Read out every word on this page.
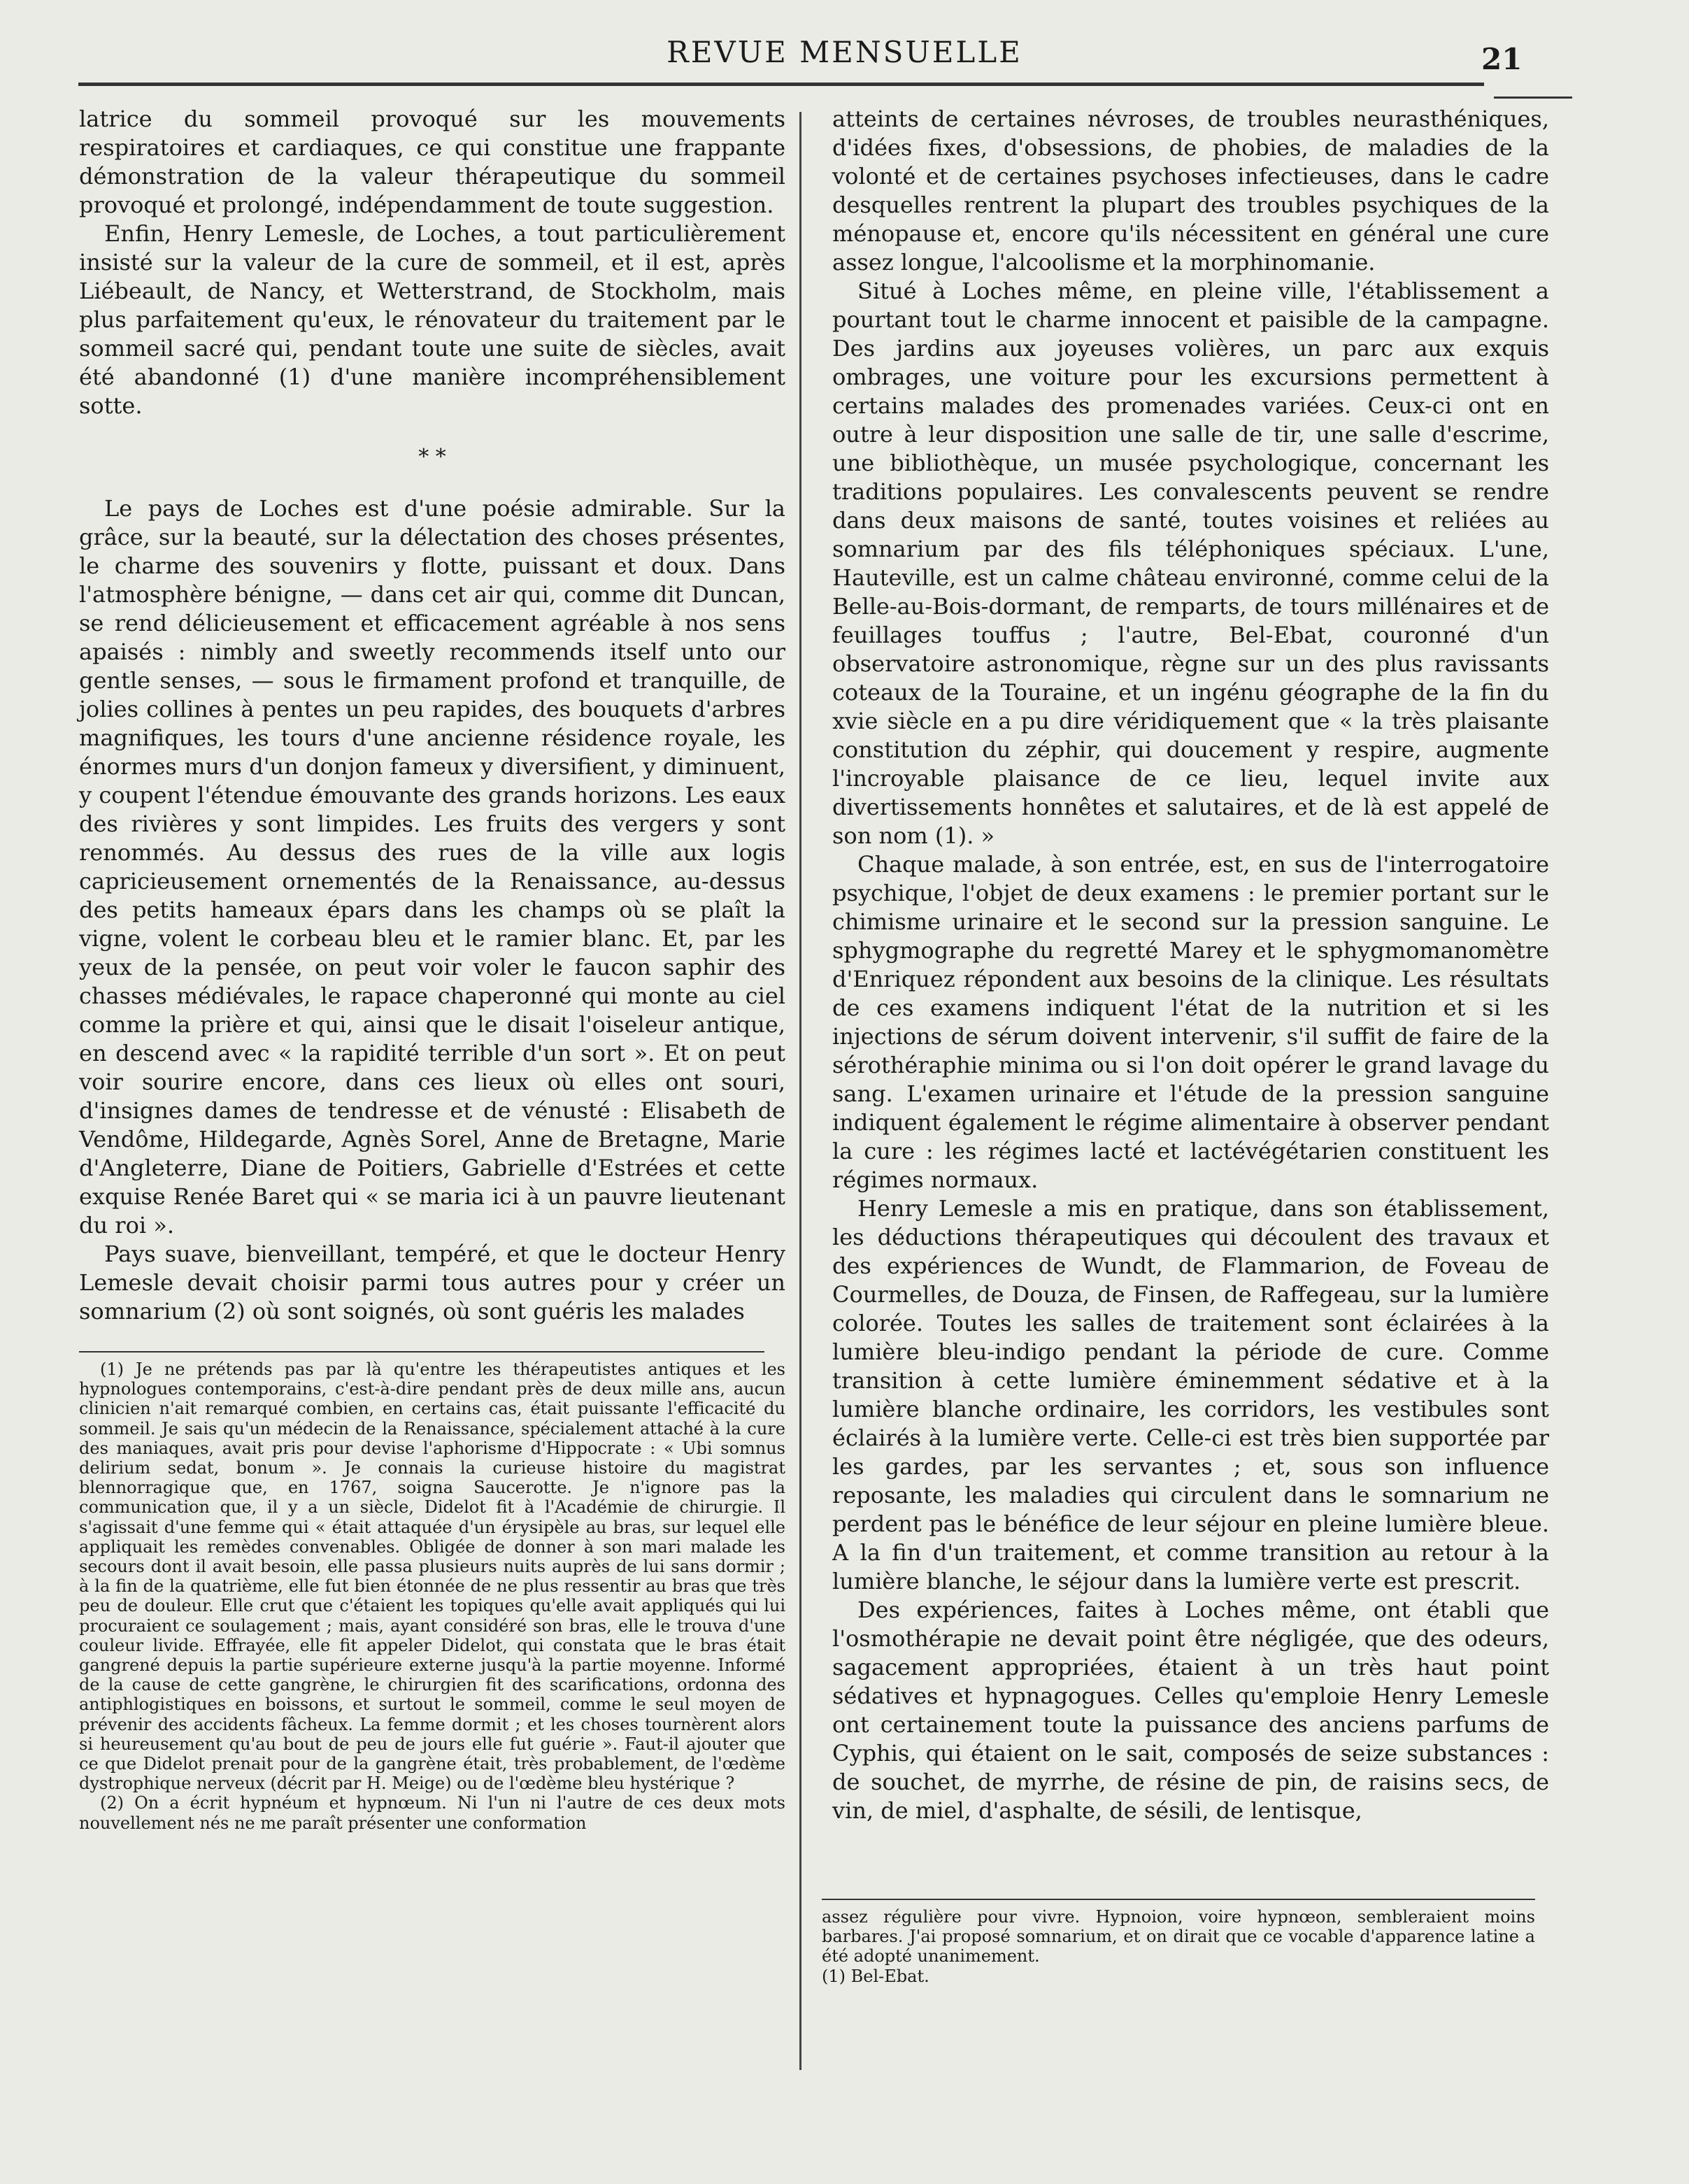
REVUE MENSUELLE	21

latrice du sommeil provoqué sur les mouvements respiratoires et cardiaques, ce qui constitue une frappante démonstration de la valeur thérapeutique du sommeil provoqué et prolongé, indépendamment de toute suggestion.

Enfin, Henry Lemesle, de Loches, a tout particulièrement insisté sur la valeur de la cure de sommeil, et il est, après Liébeault, de Nancy, et Wetterstrand, de Stockholm, mais plus parfaitement qu'eux, le rénovateur du traitement par le sommeil sacré qui, pendant toute une suite de siècles, avait été abandonné (1) d'une manière incompréhensiblement sotte.

* *

Le pays de Loches est d'une poésie admirable. Sur la grâce, sur la beauté, sur la délectation des choses présentes, le charme des souvenirs y flotte, puissant et doux. Dans l'atmosphère bénigne, — dans cet air qui, comme dit Duncan, se rend délicieusement et efficacement agréable à nos sens apaisés : nimbly and sweetly recommends itself unto our gentle senses, — sous le firmament profond et tranquille, de jolies collines à pentes un peu rapides, des bouquets d'arbres magnifiques, les tours d'une ancienne résidence royale, les énormes murs d'un donjon fameux y diversifient, y diminuent, y coupent l'étendue émouvante des grands horizons. Les eaux des rivières y sont limpides. Les fruits des vergers y sont renommés. Au dessus des rues de la ville aux logis capricieusement ornementés de la Renaissance, au-dessus des petits hameaux épars dans les champs où se plaît la vigne, volent le corbeau bleu et le ramier blanc. Et, par les yeux de la pensée, on peut voir voler le faucon saphir des chasses médiévales, le rapace chaperonné qui monte au ciel comme la prière et qui, ainsi que le disait l'oiseleur antique, en descend avec « la rapidité terrible d'un sort ». Et on peut voir sourire encore, dans ces lieux où elles ont souri, d'insignes dames de tendresse et de vénusté : Elisabeth de Vendôme, Hildegarde, Agnès Sorel, Anne de Bretagne, Marie d'Angleterre, Diane de Poitiers, Gabrielle d'Estrées et cette exquise Renée Baret qui « se maria ici à un pauvre lieutenant du roi ».

Pays suave, bienveillant, tempéré, et que le docteur Henry Lemesle devait choisir parmi tous autres pour y créer un somnarium (2) où sont soignés, où sont guéris les malades

(1) Je ne prétends pas par là qu'entre les thérapeutistes antiques et les hypnologues contemporains, c'est-à-dire pendant près de deux mille ans, aucun clinicien n'ait remarqué combien, en certains cas, était puissante l'efficacité du sommeil. Je sais qu'un médecin de la Renaissance, spécialement attaché à la cure des maniaques, avait pris pour devise l'aphorisme d'Hippocrate : « Ubi somnus delirium sedat, bonum ». Je connais la curieuse histoire du magistrat blennorragique que, en 1767, soigna Saucerotte. Je n'ignore pas la communication que, il y a un siècle, Didelot fit à l'Académie de chirurgie. Il s'agissait d'une femme qui « était attaquée d'un érysipèle au bras, sur lequel elle appliquait les remèdes convenables. Obligée de donner à son mari malade les secours dont il avait besoin, elle passa plusieurs nuits auprès de lui sans dormir ; à la fin de la quatrième, elle fut bien étonnée de ne plus ressentir au bras que très peu de douleur. Elle crut que c'étaient les topiques qu'elle avait appliqués qui lui procuraient ce soulagement ; mais, ayant considéré son bras, elle le trouva d'une couleur livide. Effrayée, elle fit appeler Didelot, qui constata que le bras était gangrené depuis la partie supérieure externe jusqu'à la partie moyenne. Informé de la cause de cette gangrène, le chirurgien fit des scarifications, ordonna des antiphlogistiques en boissons, et surtout le sommeil, comme le seul moyen de prévenir des accidents fâcheux. La femme dormit ; et les choses tournèrent alors si heureusement qu'au bout de peu de jours elle fut guérie ». Faut-il ajouter que ce que Didelot prenait pour de la gangrène était, très probablement, de l'œdème dystrophique nerveux (décrit par H. Meige) ou de l'œdème bleu hystérique ?

(2) On a écrit hypnéum et hypnœum. Ni l'un ni l'autre de ces deux mots nouvellement nés ne me paraît présenter une conformation

atteints de certaines névroses, de troubles neurasthéniques, d'idées fixes, d'obsessions, de phobies, de maladies de la volonté et de certaines psychoses infectieuses, dans le cadre desquelles rentrent la plupart des troubles psychiques de la ménopause et, encore qu'ils nécessitent en général une cure assez longue, l'alcoolisme et la morphinomanie.

Situé à Loches même, en pleine ville, l'établissement a pourtant tout le charme innocent et paisible de la campagne. Des jardins aux joyeuses volières, un parc aux exquis ombrages, une voiture pour les excursions permettent à certains malades des promenades variées. Ceux-ci ont en outre à leur disposition une salle de tir, une salle d'escrime, une bibliothèque, un musée psychologique, concernant les traditions populaires. Les convalescents peuvent se rendre dans deux maisons de santé, toutes voisines et reliées au somnarium par des fils téléphoniques spéciaux. L'une, Hauteville, est un calme château environné, comme celui de la Belle-au-Bois-dormant, de remparts, de tours millénaires et de feuillages touffus ; l'autre, Bel-Ebat, couronné d'un observatoire astronomique, règne sur un des plus ravissants coteaux de la Touraine, et un ingénu géographe de la fin du xvie siècle en a pu dire véridiquement que « la très plaisante constitution du zéphir, qui doucement y respire, augmente l'incroyable plaisance de ce lieu, lequel invite aux divertissements honnêtes et salutaires, et de là est appelé de son nom (1). »

Chaque malade, à son entrée, est, en sus de l'interrogatoire psychique, l'objet de deux examens : le premier portant sur le chimisme urinaire et le second sur la pression sanguine. Le sphygmographe du regretté Marey et le sphygmomanomètre d'Enriquez répondent aux besoins de la clinique. Les résultats de ces examens indiquent l'état de la nutrition et si les injections de sérum doivent intervenir, s'il suffit de faire de la sérothéraphie minima ou si l'on doit opérer le grand lavage du sang. L'examen urinaire et l'étude de la pression sanguine indiquent également le régime alimentaire à observer pendant la cure : les régimes lacté et lactévégétarien constituent les régimes normaux.

Henry Lemesle a mis en pratique, dans son établissement, les déductions thérapeutiques qui découlent des travaux et des expériences de Wundt, de Flammarion, de Foveau de Courmelles, de Douza, de Finsen, de Raffegeau, sur la lumière colorée. Toutes les salles de traitement sont éclairées à la lumière bleu-indigo pendant la période de cure. Comme transition à cette lumière éminemment sédative et à la lumière blanche ordinaire, les corridors, les vestibules sont éclairés à la lumière verte. Celle-ci est très bien supportée par les gardes, par les servantes ; et, sous son influence reposante, les maladies qui circulent dans le somnarium ne perdent pas le bénéfice de leur séjour en pleine lumière bleue. A la fin d'un traitement, et comme transition au retour à la lumière blanche, le séjour dans la lumière verte est prescrit.

Des expériences, faites à Loches même, ont établi que l'osmothérapie ne devait point être négligée, que des odeurs, sagacement appropriées, étaient à un très haut point sédatives et hypnagogues. Celles qu'emploie Henry Lemesle ont certainement toute la puissance des anciens parfums de Cyphis, qui étaient on le sait, composés de seize substances : de souchet, de myrrhe, de résine de pin, de raisins secs, de vin, de miel, d'asphalte, de sésili, de lentisque,

assez régulière pour vivre. Hypnoion, voire hypnœon, sembleraient moins barbares. J'ai proposé somnarium, et on dirait que ce vocable d'apparence latine a été adopté unanimement.

(1) Bel-Ebat.
